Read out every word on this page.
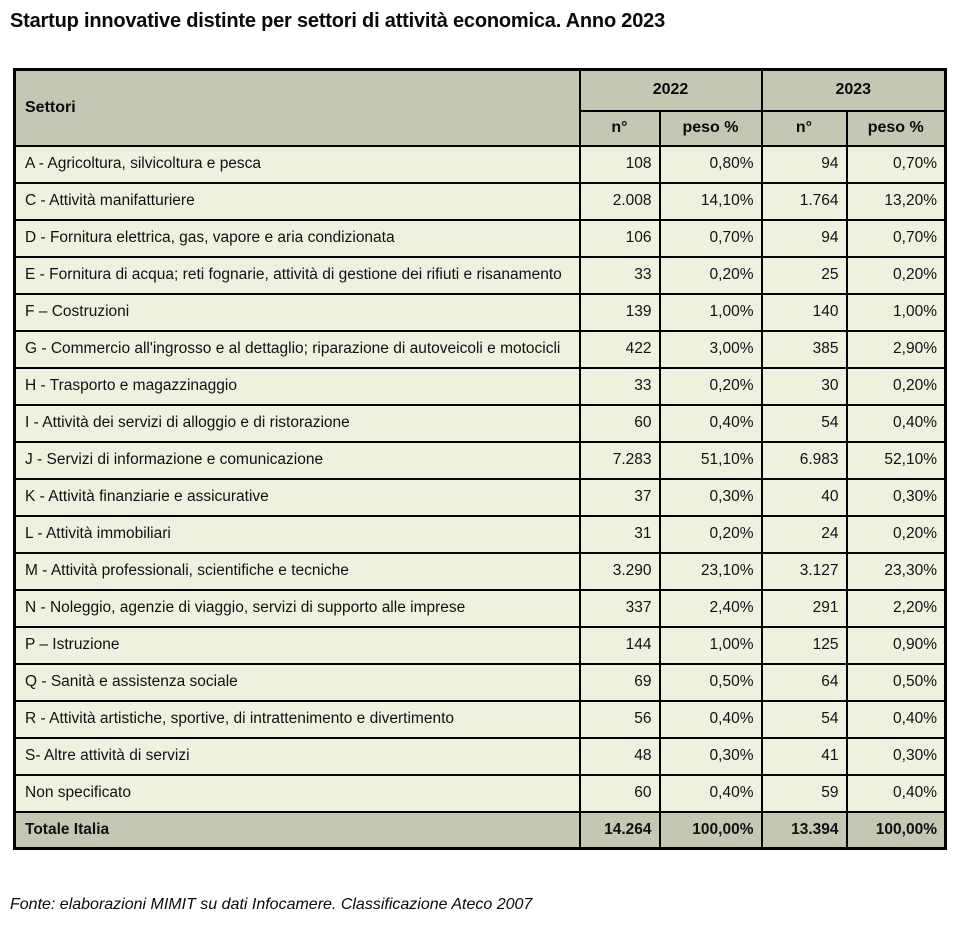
Startup innovative distinte per settori di attività economica. Anno 2023
Settori	2022		2023	
	n°	peso %	n°	peso %
A - Agricoltura, silvicoltura e pesca	108	0,80%	94	0,70%
C - Attività manifatturiere	2.008	14,10%	1.764	13,20%
D - Fornitura elettrica, gas, vapore e aria condizionata	106	0,70%	94	0,70%
E - Fornitura di acqua; reti fognarie, attività di gestione dei rifiuti e risanamento	33	0,20%	25	0,20%
F – Costruzioni	139	1,00%	140	1,00%
G - Commercio all'ingrosso e al dettaglio; riparazione di autoveicoli e motocicli	422	3,00%	385	2,90%
H - Trasporto e magazzinaggio	33	0,20%	30	0,20%
I - Attività dei servizi di alloggio e di ristorazione	60	0,40%	54	0,40%
J - Servizi di informazione e comunicazione	7.283	51,10%	6.983	52,10%
K - Attività finanziarie e assicurative	37	0,30%	40	0,30%
L - Attività immobiliari	31	0,20%	24	0,20%
M - Attività professionali, scientifiche e tecniche	3.290	23,10%	3.127	23,30%
N - Noleggio, agenzie di viaggio, servizi di supporto alle imprese	337	2,40%	291	2,20%
P – Istruzione	144	1,00%	125	0,90%
Q - Sanità e assistenza sociale	69	0,50%	64	0,50%
R - Attività artistiche, sportive, di intrattenimento e divertimento	56	0,40%	54	0,40%
S- Altre attività di servizi	48	0,30%	41	0,30%
Non specificato	60	0,40%	59	0,40%
Totale Italia	14.264	100,00%	13.394	100,00%
Fonte: elaborazioni MIMIT su dati Infocamere. Classificazione Ateco 2007
